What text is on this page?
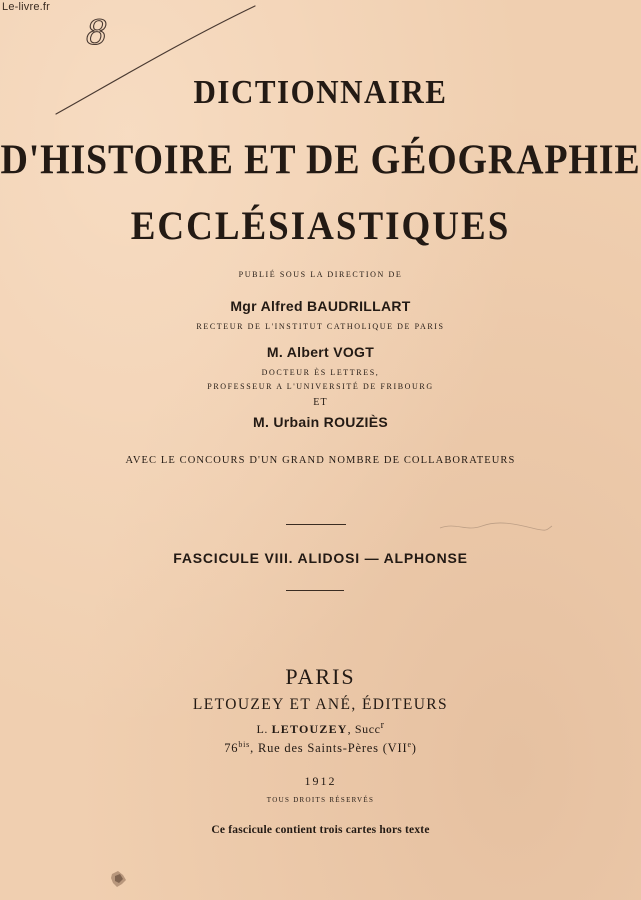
Le-livre.fr
8
DICTIONNAIRE
D'HISTOIRE ET DE GÉOGRAPHIE
ECCLÉSIASTIQUES
PUBLIÉ SOUS LA DIRECTION DE
Mgr Alfred BAUDRILLART
RECTEUR DE L'INSTITUT CATHOLIQUE DE PARIS
M. Albert VOGT
DOCTEUR ÈS LETTRES,
PROFESSEUR A L'UNIVERSITÉ DE FRIBOURG
ET
M. Urbain ROUZIÈS
AVEC LE CONCOURS D'UN GRAND NOMBRE DE COLLABORATEURS
FASCICULE VIII. ALIDOSI — ALPHONSE
PARIS
LETOUZEY ET ANÉ, ÉDITEURS
L. LETOUZEY, Succ$^r$
$76^{bis}$, Rue des Saints-Pères (VIIe)
1912
TOUS DROITS RÉSERVÉS
Ce fascicule contient trois cartes hors texte
